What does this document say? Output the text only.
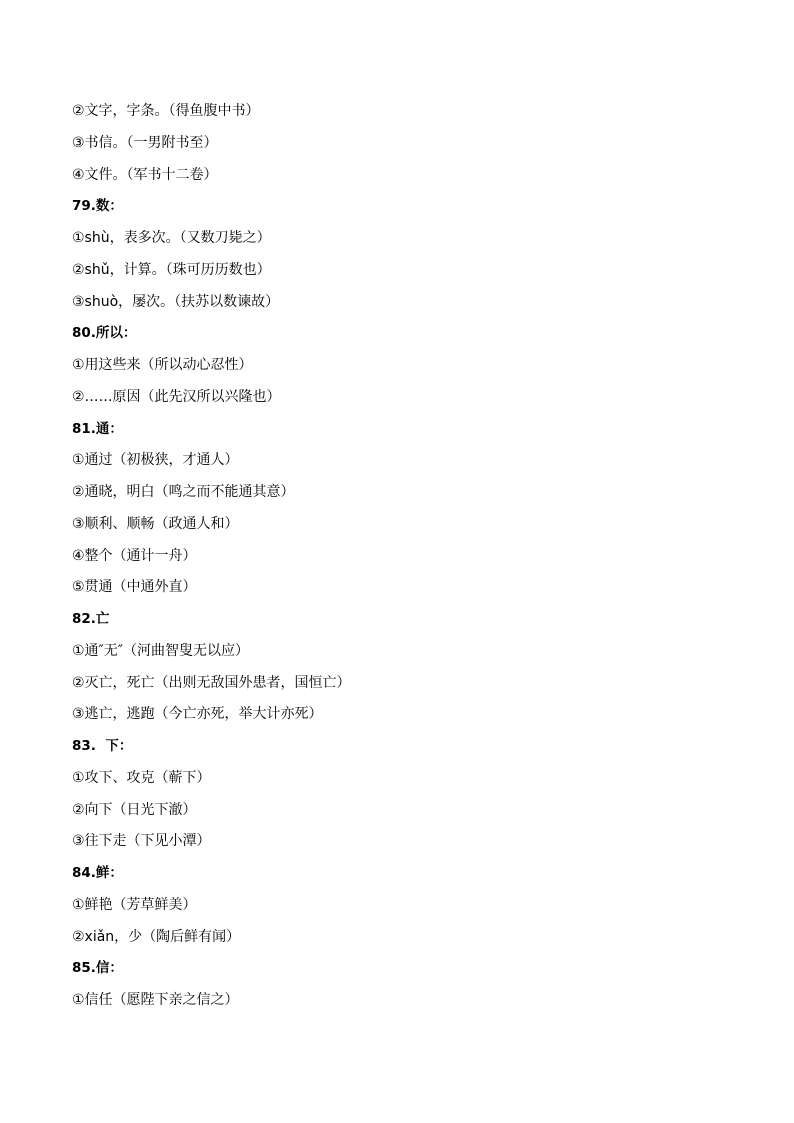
②文字，字条。（得鱼腹中书）
③书信。（一男附书至）
④文件。（军书十二卷）
79.数：
①shù，表多次。（又数刀毙之）
②shǔ，计算。（珠可历历数也）
③shuò，屡次。（扶苏以数谏故）
80.所以：
①用这些来（所以动心忍性）
②……原因（此先汉所以兴隆也）
81.通：
①通过（初极狭，才通人）
②通晓，明白（鸣之而不能通其意）
③顺利、顺畅（政通人和）
④整个（通计一舟）
⑤贯通（中通外直）
82.亡
①通″无″（河曲智叟无以应）
②灭亡，死亡（出则无敌国外患者，国恒亡）
③逃亡，逃跑（今亡亦死，举大计亦死）
83.  下：
①攻下、攻克（蕲下）
②向下（日光下澈）
③往下走（下见小潭）
84.鲜：
①鲜艳（芳草鲜美）
②xiǎn，少（陶后鲜有闻）
85.信：
①信任（愿陛下亲之信之）
